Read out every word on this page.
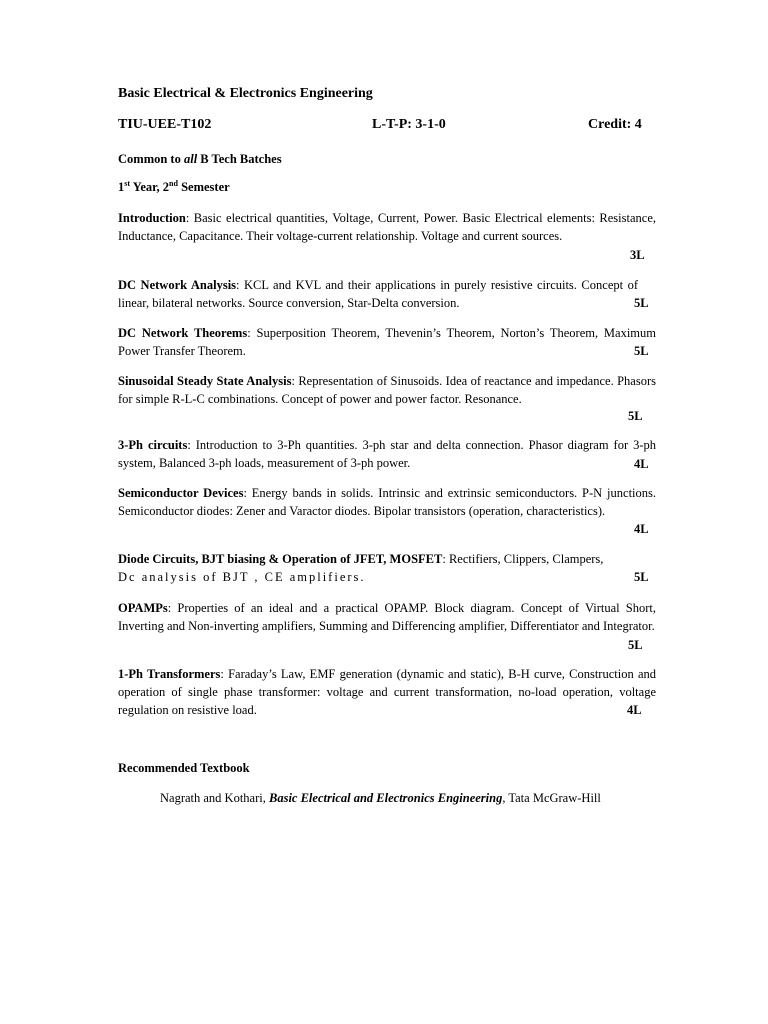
Basic Electrical & Electronics Engineering
TIU-UEE-T102	L-T-P: 3-1-0	Credit: 4
Common to all B Tech Batches
1st Year, 2nd Semester
Introduction: Basic electrical quantities, Voltage, Current, Power. Basic Electrical elements: Resistance, Inductance, Capacitance. Their voltage-current relationship. Voltage and current sources.
3L
DC Network Analysis: KCL and KVL and their applications in purely resistive circuits. Concept of linear, bilateral networks. Source conversion, Star-Delta conversion.	5L
DC Network Theorems: Superposition Theorem, Thevenin’s Theorem, Norton’s Theorem, Maximum Power Transfer Theorem.	5L
Sinusoidal Steady State Analysis: Representation of Sinusoids. Idea of reactance and impedance. Phasors for simple R-L-C combinations. Concept of power and power factor. Resonance.
5L
3-Ph circuits: Introduction to 3-Ph quantities. 3-ph star and delta connection. Phasor diagram for 3-ph system, Balanced 3-ph loads, measurement of 3-ph power.	4L
Semiconductor Devices: Energy bands in solids. Intrinsic and extrinsic semiconductors. P-N junctions. Semiconductor diodes: Zener and Varactor diodes. Bipolar transistors (operation, characteristics).
4L
Diode Circuits, BJT biasing & Operation of JFET, MOSFET: Rectifiers, Clippers, Clampers,
Dc analysis of BJT , CE amplifiers.	5L
OPAMPs: Properties of an ideal and a practical OPAMP. Block diagram. Concept of Virtual Short, Inverting and Non-inverting amplifiers, Summing and Differencing amplifier, Differentiator and Integrator.
5L
1-Ph Transformers: Faraday’s Law, EMF generation (dynamic and static), B-H curve, Construction and operation of single phase transformer: voltage and current transformation, no-load operation, voltage regulation on resistive load.	4L
Recommended Textbook
Nagrath and Kothari, Basic Electrical and Electronics Engineering, Tata McGraw-Hill
